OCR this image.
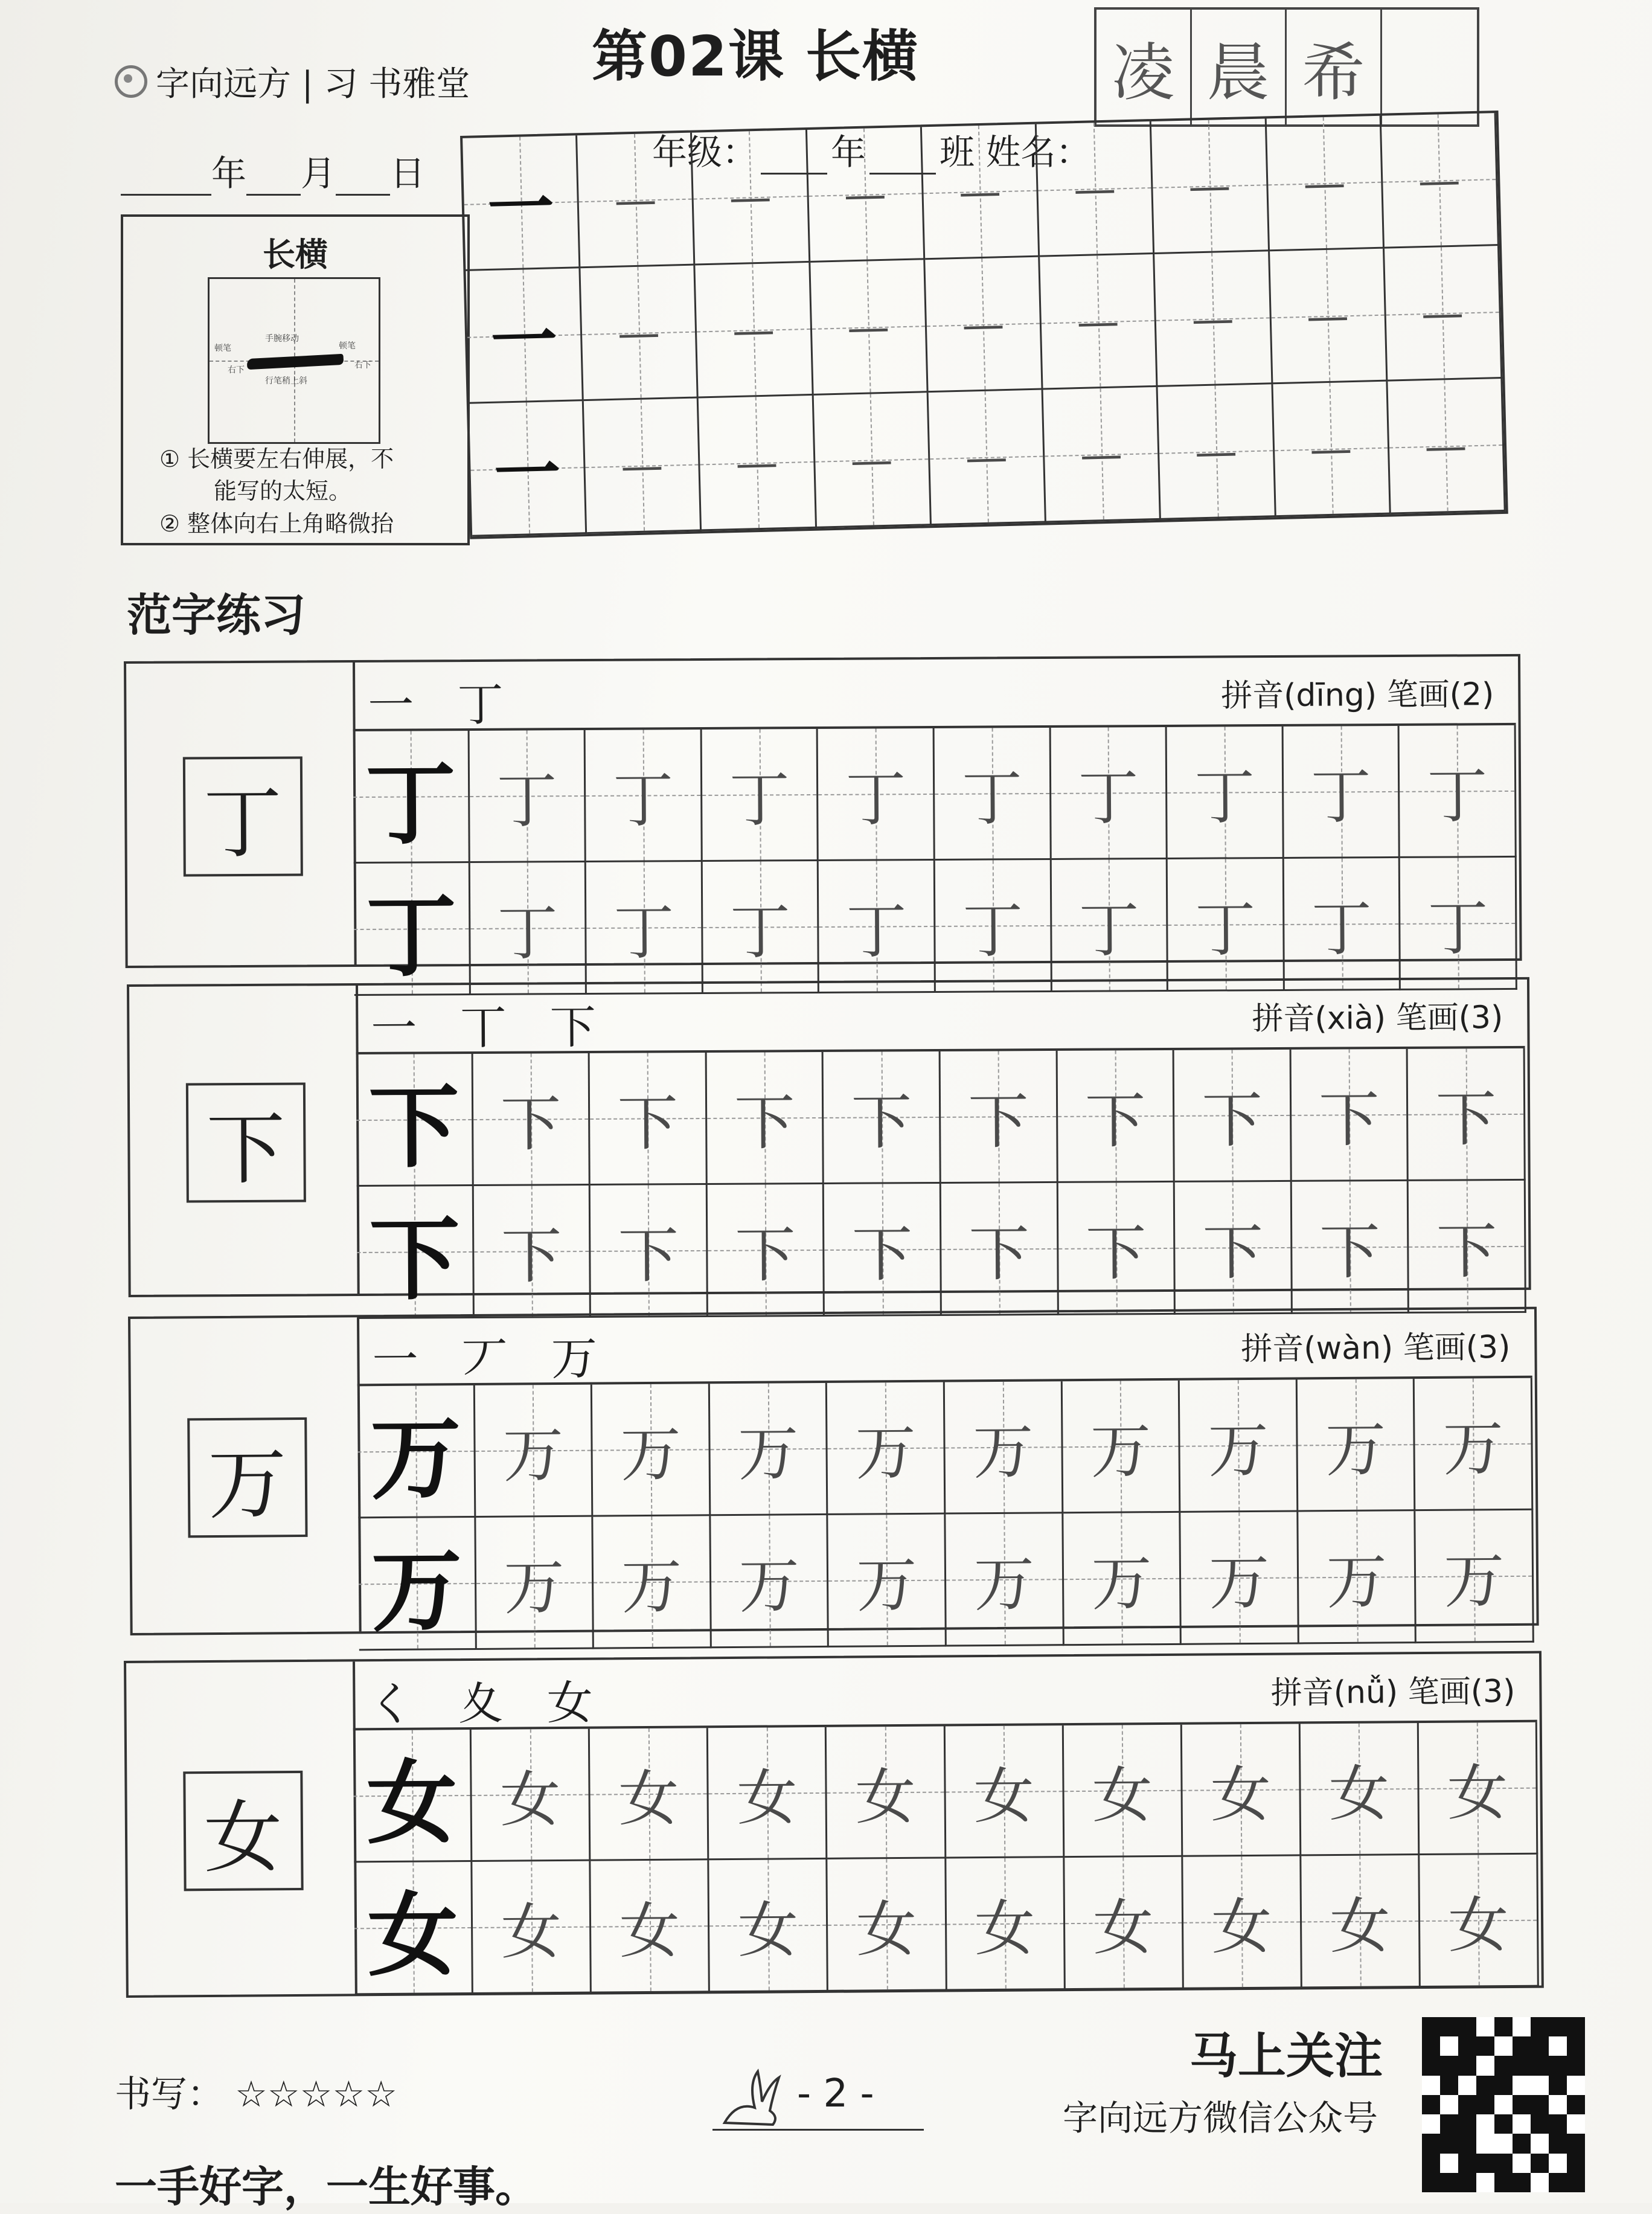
字向远方 | 习 书雅堂 第02课 长横	凌 晨 希
年 月 日
年级： 年 班 姓名：
长横
顿笔
手腕移动
顿笔
行笔稍上斜
右下	右下
① 长横要左右伸展，不
能写的太短。
② 整体向右上角略微抬
一 — — — — — — — —
一 — — — — — — — —
一 — — — — — — — —
范字练习
丁
一 丁	拼音(dīng) 笔画(2)
丁 丁 丁 丁 丁 丁 丁 丁 丁 丁
丁 丁 丁 丁 丁 丁 丁 丁 丁 丁
下
一 丅 下	拼音(xià) 笔画(3)
下 下 下 下 下 下 下 下 下 下
下 下 下 下 下 下 下 下 下 下
万
一 丆 万	拼音(wàn) 笔画(3)
万 万 万 万 万 万 万 万 万 万
万 万 万 万 万 万 万 万 万 万
女
く 夊 女	拼音(nǚ) 笔画(3)
女 女 女 女 女 女 女 女 女 女
女 女 女 女 女 女 女 女 女 女
书写： ☆☆☆☆☆	- 2 -
马上关注
字向远方微信公众号
一手好字，一生好事。
